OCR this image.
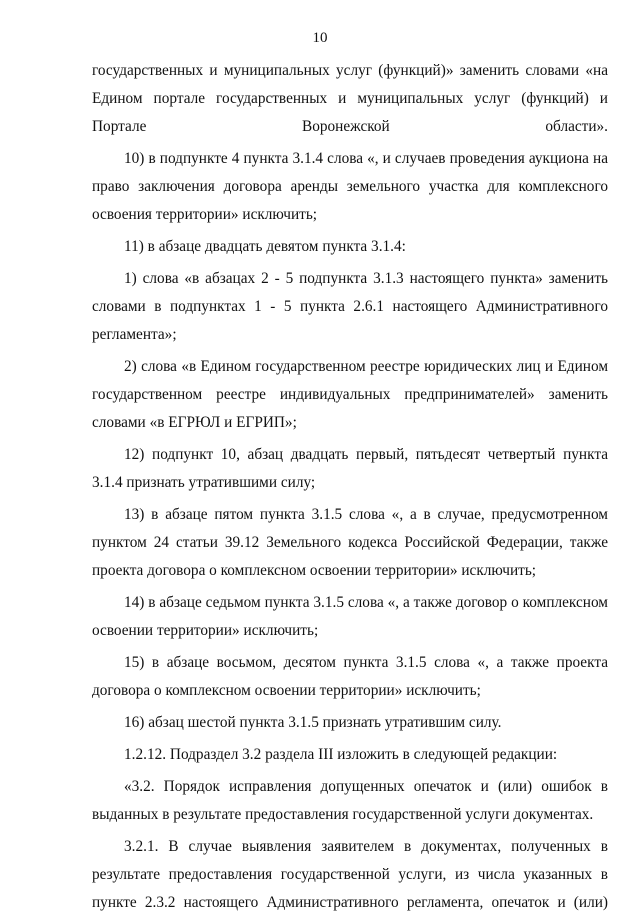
10

государственных и муниципальных услуг (функций)» заменить словами «на Едином портале государственных и муниципальных услуг (функций) и Портале Воронежской области».

10) в подпункте 4 пункта 3.1.4 слова «, и случаев проведения аукциона на право заключения договора аренды земельного участка для комплексного освоения территории» исключить;

11) в абзаце двадцать девятом пункта 3.1.4:

1) слова «в абзацах 2 - 5 подпункта 3.1.3 настоящего пункта» заменить словами в подпунктах 1 - 5 пункта 2.6.1 настоящего Административного регламента»;

2) слова «в Едином государственном реестре юридических лиц и Едином государственном реестре индивидуальных предпринимателей» заменить словами «в ЕГРЮЛ и ЕГРИП»;

12) подпункт 10, абзац двадцать первый, пятьдесят четвертый пункта 3.1.4 признать утратившими силу;

13) в абзаце пятом пункта 3.1.5 слова «, а в случае, предусмотренном пунктом 24 статьи 39.12 Земельного кодекса Российской Федерации, также проекта договора о комплексном освоении территории» исключить;

14) в абзаце седьмом пункта 3.1.5 слова «, а также договор о комплексном освоении территории» исключить;

15) в абзаце восьмом, десятом пункта 3.1.5 слова «, а также проекта договора о комплексном освоении территории» исключить;

16) абзац шестой пункта 3.1.5 признать утратившим силу.

1.2.12. Подраздел 3.2 раздела III изложить в следующей редакции:

«3.2. Порядок исправления допущенных опечаток и (или) ошибок в выданных в результате предоставления государственной услуги документах.

3.2.1. В случае выявления заявителем в документах, полученных в результате предоставления государственной услуги, из числа указанных в пункте 2.3.2 настоящего Административного регламента, опечаток и (или)
